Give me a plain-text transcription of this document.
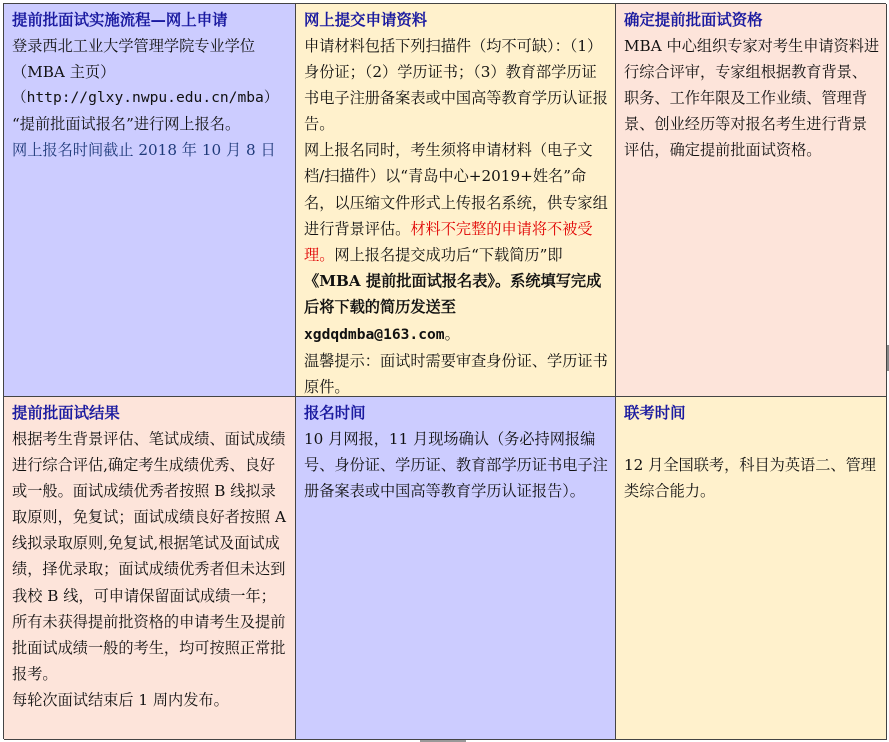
提前批面试实施流程—网上申请

登录西北工业大学管理学院专业学位（MBA 主页）

（http://glxy.nwpu.edu.cn/mba）

“提前批面试报名”进行网上报名。

网上报名时间截止 2018 年 10 月 8 日

网上提交申请资料

申请材料包括下列扫描件（均不可缺）：（1）身份证；（2）学历证书；（3）教育部学历证书电子注册备案表或中国高等教育学历认证报告。

网上报名同时，考生须将申请材料（电子文档/扫描件）以“青岛中心+2019+姓名”命名，以压缩文件形式上传报名系统，供专家组进行背景评估。材料不完整的申请将不被受理。网上报名提交成功后“下载简历”即《MBA 提前批面试报名表》。系统填写完成后将下载的简历发送至 xgdqdmba@163.com。

温馨提示：面试时需要审查身份证、学历证书原件。

确定提前批面试资格

MBA 中心组织专家对考生申请资料进行综合评审，专家组根据教育背景、职务、工作年限及工作业绩、管理背景、创业经历等对报名考生进行背景评估，确定提前批面试资格。

提前批面试结果

根据考生背景评估、笔试成绩、面试成绩进行综合评估,确定考生成绩优秀、良好或一般。面试成绩优秀者按照 B 线拟录取原则，免复试；面试成绩良好者按照 A 线拟录取原则,免复试,根据笔试及面试成绩，择优录取；面试成绩优秀者但未达到我校 B 线，可申请保留面试成绩一年；

所有未获得提前批资格的申请考生及提前批面试成绩一般的考生，均可按照正常批报考。

每轮次面试结束后 1 周内发布。

报名时间

10 月网报，11 月现场确认（务必持网报编号、身份证、学历证、教育部学历证书电子注册备案表或中国高等教育学历认证报告）。

联考时间

12 月全国联考，科目为英语二、管理类综合能力。
